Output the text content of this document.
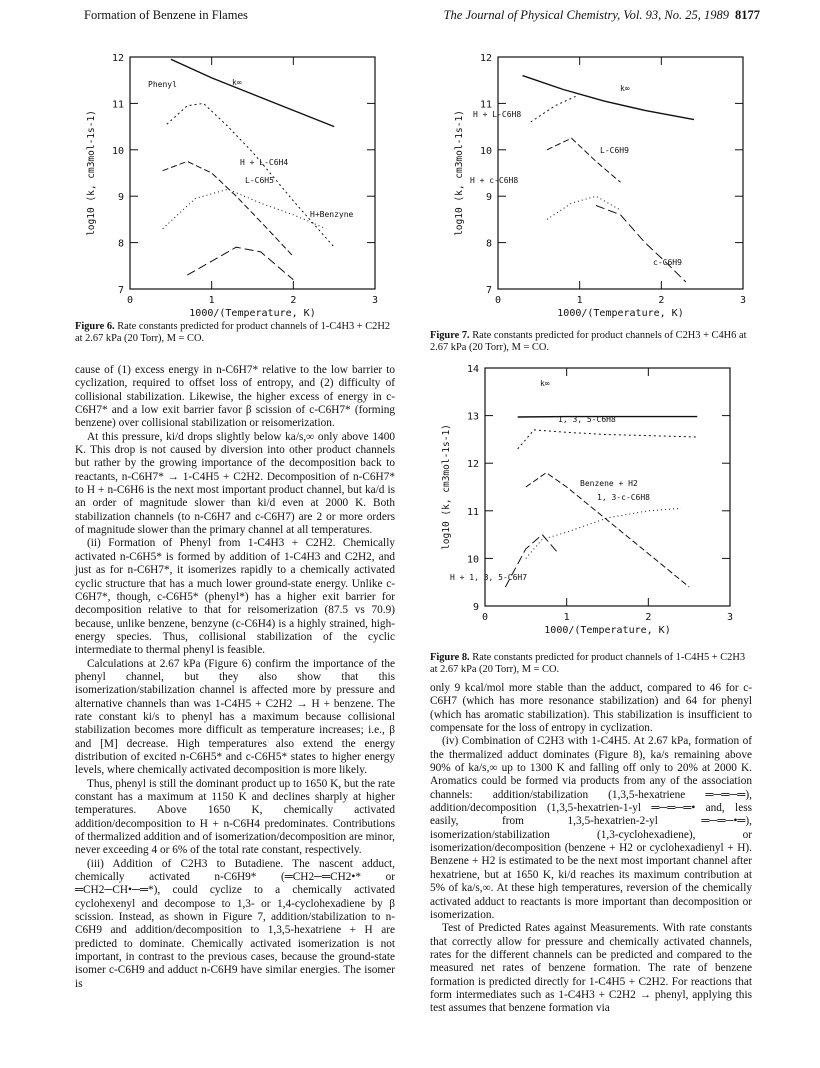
Formation of Benzene in Flames	The Journal of Physical Chemistry, Vol. 93, No. 25, 1989 8177
0	1	2	3
7
8
9
10
11
12
1000/(Temperature, K)
log10 (k, cm3mol-1s-1)
Phenyl	k∞
H + L-C6H4
L-C6H5
H+Benzyne
Figure 6. Rate constants predicted for product channels of 1-C4H3 + C2H2 at 2.67 kPa (20 Torr), M = CO.
0	1	2	3
7
8
9
10
11
12
1000/(Temperature, K)
log10 (k, cm3mol-1s-1)
k∞
H + L-C6H8
L-C6H9
H + c-C6H8
c-C6H9
Figure 7. Rate constants predicted for product channels of C2H3 + C4H6 at 2.67 kPa (20 Torr), M = CO.
0	1	2	3
9
10
11
12
13
14
1000/(Temperature, K)
log10 (k, cm3mol-1s-1)
k∞
1, 3, 5-C6H8
Benzene + H2
1, 3-c-C6H8
H + 1, 3, 5-C6H7
Figure 8. Rate constants predicted for product channels of 1-C4H5 + C2H3 at 2.67 kPa (20 Torr), M = CO.

cause of (1) excess energy in n-C6H7* relative to the low barrier to cyclization, required to offset loss of entropy, and (2) difficulty of collisional stabilization. Likewise, the higher excess of energy in c-C6H7* and a low exit barrier favor β scission of c-C6H7* (forming benzene) over collisional stabilization or reisomerization.

At this pressure, ki/d drops slightly below ka/s,∞ only above 1400 K. This drop is not caused by diversion into other product channels but rather by the growing importance of the decomposition back to reactants, n-C6H7* → 1-C4H5 + C2H2. Decomposition of n-C6H7* to H + n-C6H6 is the next most important product channel, but ka/d is an order of magnitude slower than ki/d even at 2000 K. Both stabilization channels (to n-C6H7 and c-C6H7) are 2 or more orders of magnitude slower than the primary channel at all temperatures.

(ii) Formation of Phenyl from 1-C4H3 + C2H2. Chemically activated n-C6H5* is formed by addition of 1-C4H3 and C2H2, and just as for n-C6H7*, it isomerizes rapidly to a chemically activated cyclic structure that has a much lower ground-state energy. Unlike c-C6H7*, though, c-C6H5* (phenyl*) has a higher exit barrier for decomposition relative to that for reisomerization (87.5 vs 70.9) because, unlike benzene, benzyne (c-C6H4) is a highly strained, high-energy species. Thus, collisional stabilization of the cyclic intermediate to thermal phenyl is feasible.

Calculations at 2.67 kPa (Figure 6) confirm the importance of the phenyl channel, but they also show that this isomerization/stabilization channel is affected more by pressure and alternative channels than was 1-C4H5 + C2H2 → H + benzene. The rate constant ki/s to phenyl has a maximum because collisional stabilization becomes more difficult as temperature increases; i.e., β and [M] decrease. High temperatures also extend the energy distribution of excited n-C6H5* and c-C6H5* states to higher energy levels, where chemically activated decomposition is more likely.

Thus, phenyl is still the dominant product up to 1650 K, but the rate constant has a maximum at 1150 K and declines sharply at higher temperatures. Above 1650 K, chemically activated addition/decomposition to H + n-C6H4 predominates. Contributions of thermalized addition and of isomerization/decomposition are minor, never exceeding 4 or 6% of the total rate constant, respectively.

(iii) Addition of C2H3 to Butadiene. The nascent adduct, chemically activated n-C6H9* (═CH2─═CH2•* or ═CH2─CH•─═*), could cyclize to a chemically activated cyclohexenyl and decompose to 1,3- or 1,4-cyclohexadiene by β scission. Instead, as shown in Figure 7, addition/stabilization to n-C6H9 and addition/decomposition to 1,3,5-hexatriene + H are predicted to dominate. Chemically activated isomerization is not important, in contrast to the previous cases, because the ground-state isomer c-C6H9 and adduct n-C6H9 have similar energies. The isomer is

only 9 kcal/mol more stable than the adduct, compared to 46 for c-C6H7 (which has more resonance stabilization) and 64 for phenyl (which has aromatic stabilization). This stabilization is insufficient to compensate for the loss of entropy in cyclization.

(iv) Combination of C2H3 with 1-C4H5. At 2.67 kPa, formation of the thermalized adduct dominates (Figure 8), ka/s remaining above 90% of ka/s,∞ up to 1300 K and falling off only to 20% at 2000 K. Aromatics could be formed via products from any of the association channels: addition/stabilization (1,3,5-hexatriene ═─═─═), addition/decomposition (1,3,5-hexatrien-1-yl ═─═─═• and, less easily, from 1,3,5-hexatrien-2-yl ═─═─•═), isomerization/stabilization (1,3-cyclohexadiene), or isomerization/decomposition (benzene + H2 or cyclohexadienyl + H). Benzene + H2 is estimated to be the next most important channel after hexatriene, but at 1650 K, ki/d reaches its maximum contribution at 5% of ka/s,∞. At these high temperatures, reversion of the chemically activated adduct to reactants is more important than decomposition or isomerization.

Test of Predicted Rates against Measurements. With rate constants that correctly allow for pressure and chemically activated channels, rates for the different channels can be predicted and compared to the measured net rates of benzene formation. The rate of benzene formation is predicted directly for 1-C4H5 + C2H2. For reactions that form intermediates such as 1-C4H3 + C2H2 → phenyl, applying this test assumes that benzene formation via
